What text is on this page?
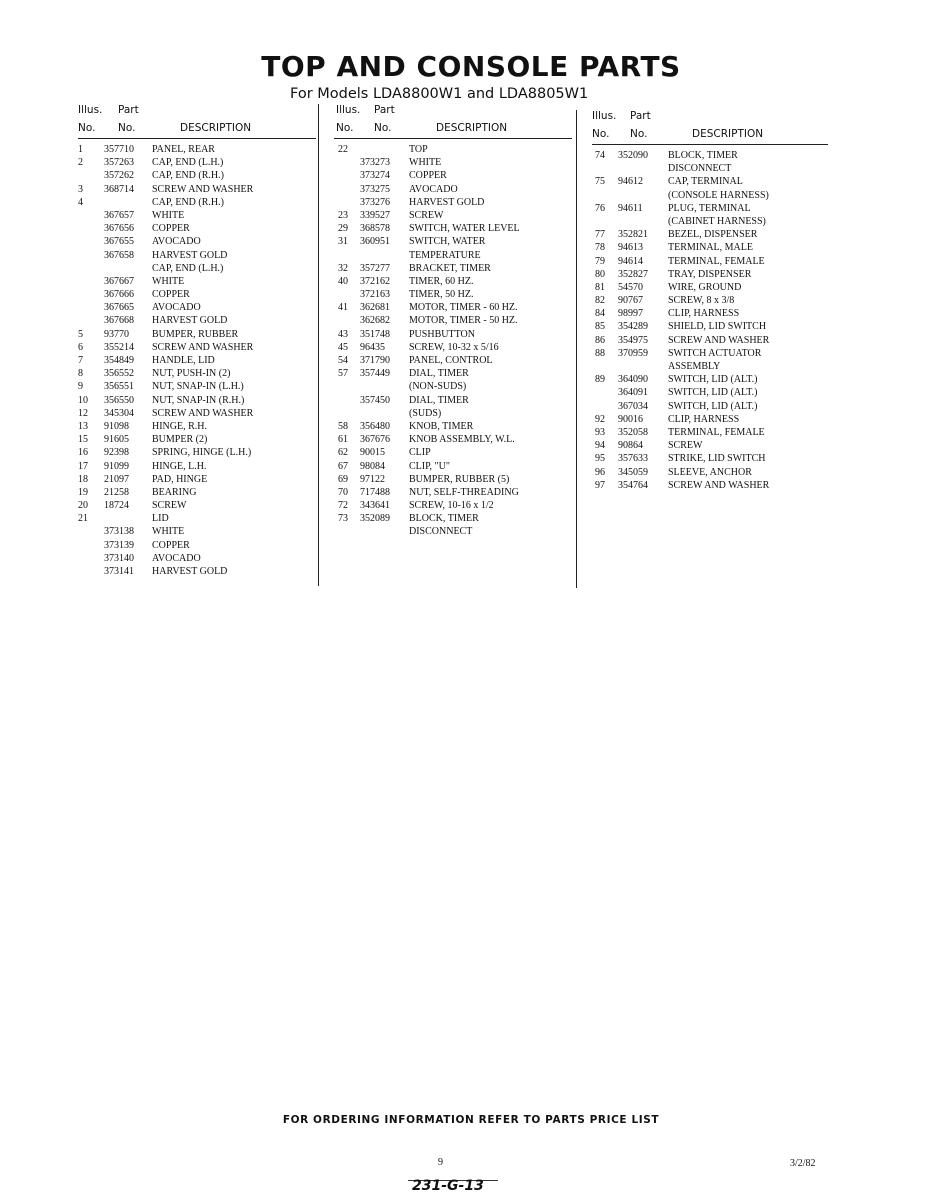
TOP AND CONSOLE PARTS
For Models LDA8800W1 and LDA8805W1
Illus. Part
No. No.	DESCRIPTION
1 357710 PANEL, REAR
2 357263 CAP, END (L.H.)
357262 CAP, END (R.H.)
3 368714 SCREW AND WASHER
4	CAP, END (R.H.)
367657 WHITE
367656 COPPER
367655 AVOCADO
367658 HARVEST GOLD
CAP, END (L.H.)
367667 WHITE
367666 COPPER
367665 AVOCADO
367668 HARVEST GOLD
5 93770 BUMPER, RUBBER
6 355214 SCREW AND WASHER
7 354849 HANDLE, LID
8 356552 NUT, PUSH-IN (2)
9 356551 NUT, SNAP-IN (L.H.)
10 356550 NUT, SNAP-IN (R.H.)
12 345304 SCREW AND WASHER
13 91098 HINGE, R.H.
15 91605 BUMPER (2)
16 92398 SPRING, HINGE (L.H.)
17 91099 HINGE, L.H.
18 21097 PAD, HINGE
19 21258 BEARING
20 18724 SCREW
21	LID
373138 WHITE
373139 COPPER
373140 AVOCADO
373141 HARVEST GOLD
Illus. Part
No. No.	DESCRIPTION
22	TOP
373273 WHITE
373274 COPPER
373275 AVOCADO
373276 HARVEST GOLD
23 339527 SCREW
29 368578 SWITCH, WATER LEVEL
31 360951 SWITCH, WATER
TEMPERATURE
32 357277 BRACKET, TIMER
40 372162 TIMER, 60 HZ.
372163 TIMER, 50 HZ.
41 362681 MOTOR, TIMER - 60 HZ.
362682 MOTOR, TIMER - 50 HZ.
43 351748 PUSHBUTTON
45 96435 SCREW, 10-32 x 5/16
54 371790 PANEL, CONTROL
57 357449 DIAL, TIMER
(NON-SUDS)
357450 DIAL, TIMER
(SUDS)
58 356480 KNOB, TIMER
61 367676 KNOB ASSEMBLY, W.L.
62 90015 CLIP
67 98084 CLIP, "U"
69 97122 BUMPER, RUBBER (5)
70 717488 NUT, SELF-THREADING
72 343641 SCREW, 10-16 x 1/2
73 352089 BLOCK, TIMER
DISCONNECT
Illus. Part
No. No.	DESCRIPTION
74 352090 BLOCK, TIMER
DISCONNECT
75 94612	CAP, TERMINAL
(CONSOLE HARNESS)
76 94611	PLUG, TERMINAL
(CABINET HARNESS)
77 352821 BEZEL, DISPENSER
78 94613	TERMINAL, MALE
79 94614	TERMINAL, FEMALE
80 352827 TRAY, DISPENSER
81 54570	WIRE, GROUND
82 90767	SCREW, 8 x 3/8
84 98997	CLIP, HARNESS
85 354289 SHIELD, LID SWITCH
86 354975 SCREW AND WASHER
88 370959 SWITCH ACTUATOR
ASSEMBLY
89 364090 SWITCH, LID (ALT.)
364091 SWITCH, LID (ALT.)
367034 SWITCH, LID (ALT.)
92 90016	CLIP, HARNESS
93 352058 TERMINAL, FEMALE
94 90864	SCREW
95 357633 STRIKE, LID SWITCH
96 345059 SLEEVE, ANCHOR
97 354764 SCREW AND WASHER
FOR ORDERING INFORMATION REFER TO PARTS PRICE LIST
9	3/2/82
231-G-13
